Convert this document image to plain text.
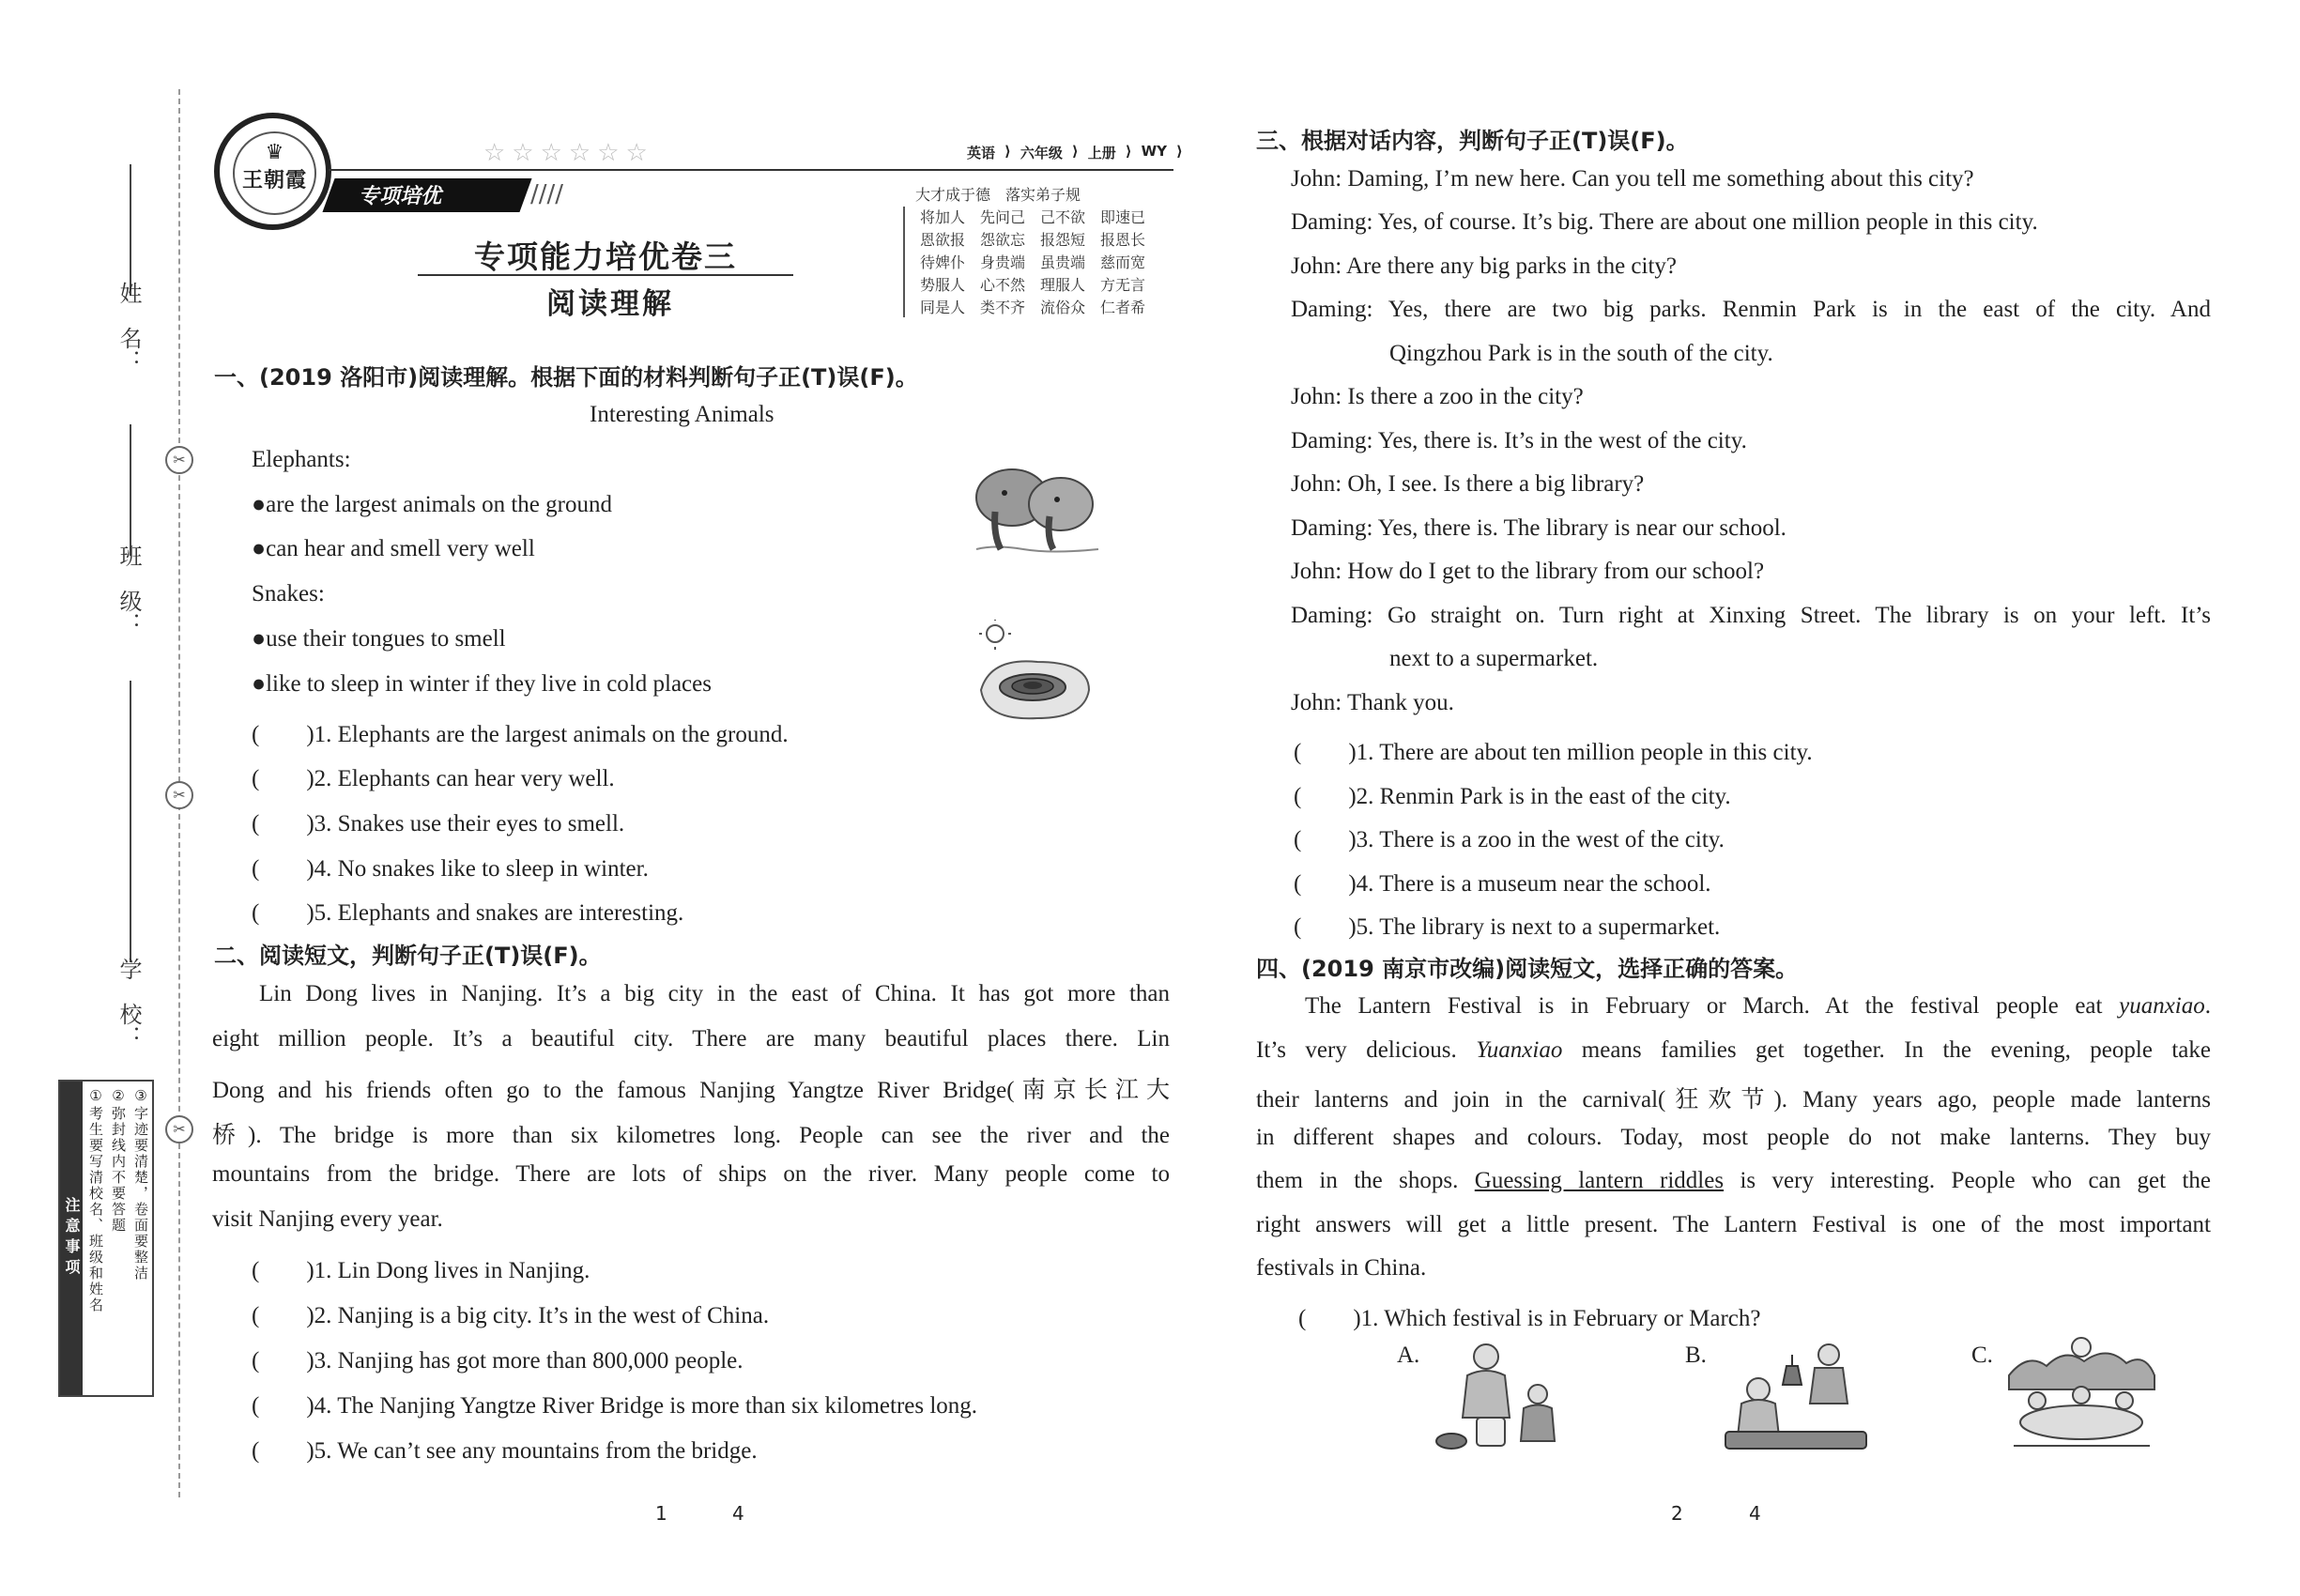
✂
✂
✂
姓　名：
班　级：
学　校：
注意事项 ①考生要写清校名、班级和姓名 ②弥封线内不要答题 ③字迹要清楚，卷面要整洁
♛
王朝霞
专项培优	////
☆☆☆☆☆☆	英语 ⟩ 六年级 ⟩ 上册 ⟩ WY ⟩
大才成于德　落实弟子规
将加人　先问己　己不欲　即速已
恩欲报　怨欲忘　报怨短　报恩长
待婢仆　身贵端　虽贵端　慈而宽
势服人　心不然　理服人　方无言
同是人　类不齐　流俗众　仁者希
专项能力培优卷三
阅读理解
一、(2019 洛阳市)阅读理解。根据下面的材料判断句子正(T)误(F)。
Interesting Animals
Elephants:
●are the largest animals on the ground
●can hear and smell very well
Snakes:
●use their tongues to smell
●like to sleep in winter if they live in cold places
(　　)1. Elephants are the largest animals on the ground.
(　　)2. Elephants can hear very well.
(　　)3. Snakes use their eyes to smell.
(　　)4. No snakes like to sleep in winter.
(　　)5. Elephants and snakes are interesting.
二、阅读短文，判断句子正(T)误(F)。
Lin Dong lives in Nanjing. It’s a big city in the east of China. It has got more than
eight million people. It’s a beautiful city. There are many beautiful places there. Lin
Dong and his friends often go to the famous Nanjing Yangtze River Bridge(南京长江大
桥). The bridge is more than six kilometres long. People can see the river and the
mountains from the bridge. There are lots of ships on the river. Many people come to
visit Nanjing every year.
(　　)1. Lin Dong lives in Nanjing.
(　　)2. Nanjing is a big city. It’s in the west of China.
(　　)3. Nanjing has got more than 800,000 people.
(　　)4. The Nanjing Yangtze River Bridge is more than six kilometres long.
(　　)5. We can’t see any mountains from the bridge.
三、根据对话内容，判断句子正(T)误(F)。
John: Daming, I’m new here. Can you tell me something about this city?
Daming: Yes, of course. It’s big. There are about one million people in this city.
John: Are there any big parks in the city?
Daming: Yes, there are two big parks. Renmin Park is in the east of the city. And
Qingzhou Park is in the south of the city.
John: Is there a zoo in the city?
Daming: Yes, there is. It’s in the west of the city.
John: Oh, I see. Is there a big library?
Daming: Yes, there is. The library is near our school.
John: How do I get to the library from our school?
Daming: Go straight on. Turn right at Xinxing Street. The library is on your left. It’s
next to a supermarket.
John: Thank you.
(　　)1. There are about ten million people in this city.
(　　)2. Renmin Park is in the east of the city.
(　　)3. There is a zoo in the west of the city.
(　　)4. There is a museum near the school.
(　　)5. The library is next to a supermarket.
四、(2019 南京市改编)阅读短文，选择正确的答案。
The Lantern Festival is in February or March. At the festival people eat yuanxiao.
It’s very delicious. Yuanxiao means families get together. In the evening, people take
their lanterns and join in the carnival(狂欢节). Many years ago, people made lanterns
in different shapes and colours. Today, most people do not make lanterns. They buy
them in the shops. Guessing lantern riddles is very interesting. People who can get the
right answers will get a little present. The Lantern Festival is one of the most important
festivals in China.
(　　)1. Which festival is in February or March?
A.	B.	C.
1	4	2	4
